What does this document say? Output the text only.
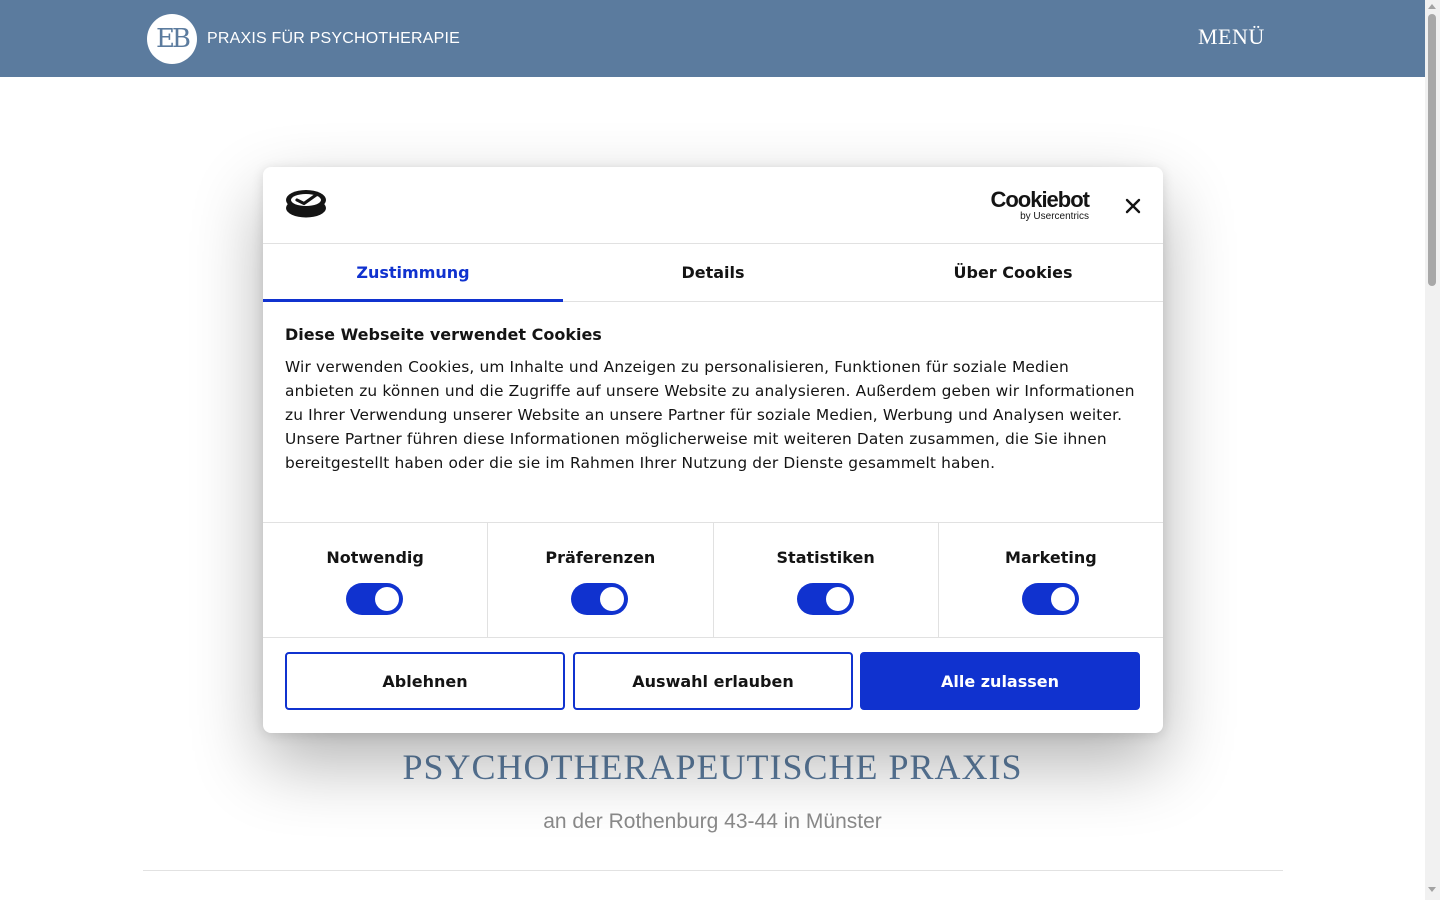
EB PRAXIS FÜR PSYCHOTHERAPIE	MENÜ
PSYCHOTHERAPEUTISCHE PRAXIS
an der Rothenburg 43-44 in Münster
Cookiebot
by Usercentrics
Zustimmung	Details	Über Cookies
Diese Webseite verwendet Cookies
Wir verwenden Cookies, um Inhalte und Anzeigen zu personalisieren, Funktionen für soziale Medien anbieten zu können und die Zugriffe auf unsere Website zu analysieren. Außerdem geben wir Informationen zu Ihrer Verwendung unserer Website an unsere Partner für soziale Medien, Werbung und Analysen weiter. Unsere Partner führen diese Informationen möglicherweise mit weiteren Daten zusammen, die Sie ihnen bereitgestellt haben oder die sie im Rahmen Ihrer Nutzung der Dienste gesammelt haben.
Notwendig	Präferenzen	Statistiken	Marketing
Ablehnen	Auswahl erlauben	Alle zulassen
